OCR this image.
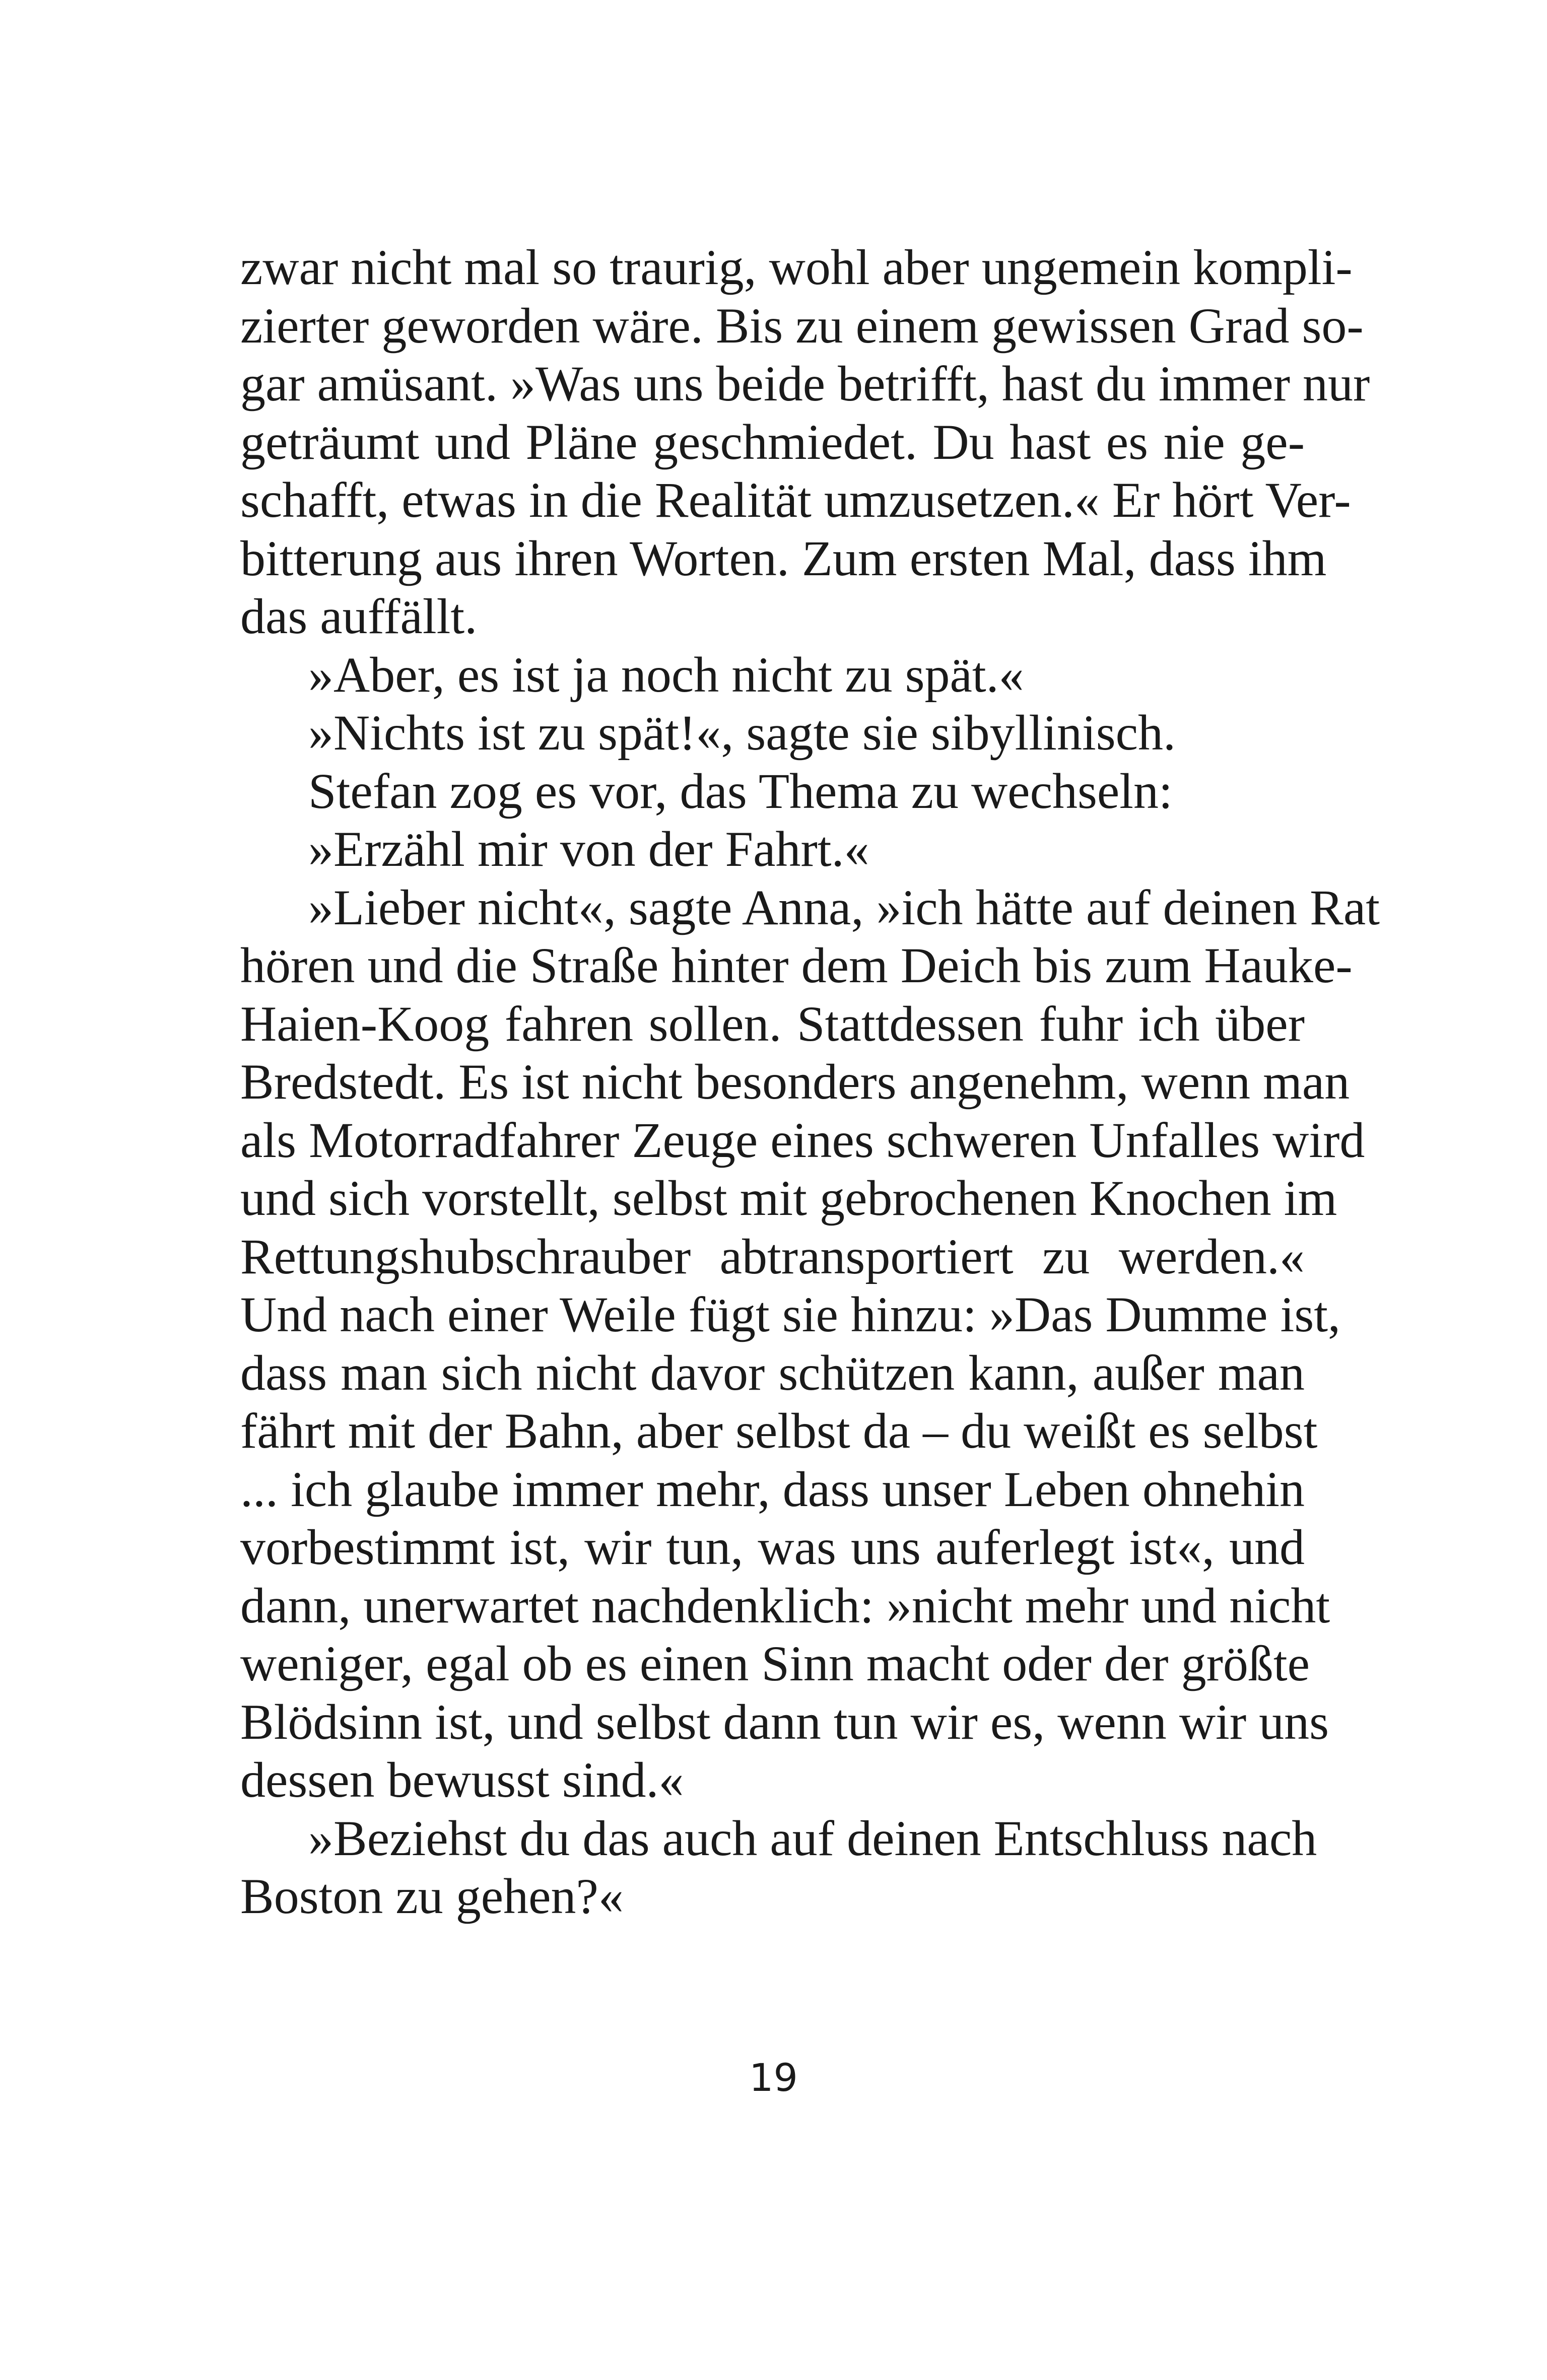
zwar nicht mal so traurig, wohl aber ungemein kompli-
zierter geworden wäre. Bis zu einem gewissen Grad so-
gar amüsant. »Was uns beide betrifft, hast du immer nur
geträumt und Pläne geschmiedet. Du hast es nie ge-
schafft, etwas in die Realität umzusetzen.« Er hört Ver-
bitterung aus ihren Worten. Zum ersten Mal, dass ihm
das auffällt.
»Aber, es ist ja noch nicht zu spät.«
»Nichts ist zu spät!«, sagte sie sibyllinisch.
Stefan zog es vor, das Thema zu wechseln:
»Erzähl mir von der Fahrt.«
»Lieber nicht«, sagte Anna, »ich hätte auf deinen Rat
hören und die Straße hinter dem Deich bis zum Hauke-
Haien-Koog fahren sollen. Stattdessen fuhr ich über
Bredstedt. Es ist nicht besonders angenehm, wenn man
als Motorradfahrer Zeuge eines schweren Unfalles wird
und sich vorstellt, selbst mit gebrochenen Knochen im
Rettungshubschrauber abtransportiert zu werden.«
Und nach einer Weile fügt sie hinzu: »Das Dumme ist,
dass man sich nicht davor schützen kann, außer man
fährt mit der Bahn, aber selbst da – du weißt es selbst
... ich glaube immer mehr, dass unser Leben ohnehin
vorbestimmt ist, wir tun, was uns auferlegt ist«, und
dann, unerwartet nachdenklich: »nicht mehr und nicht
weniger, egal ob es einen Sinn macht oder der größte
Blödsinn ist, und selbst dann tun wir es, wenn wir uns
dessen bewusst sind.«
»Beziehst du das auch auf deinen Entschluss nach
Boston zu gehen?«
19
